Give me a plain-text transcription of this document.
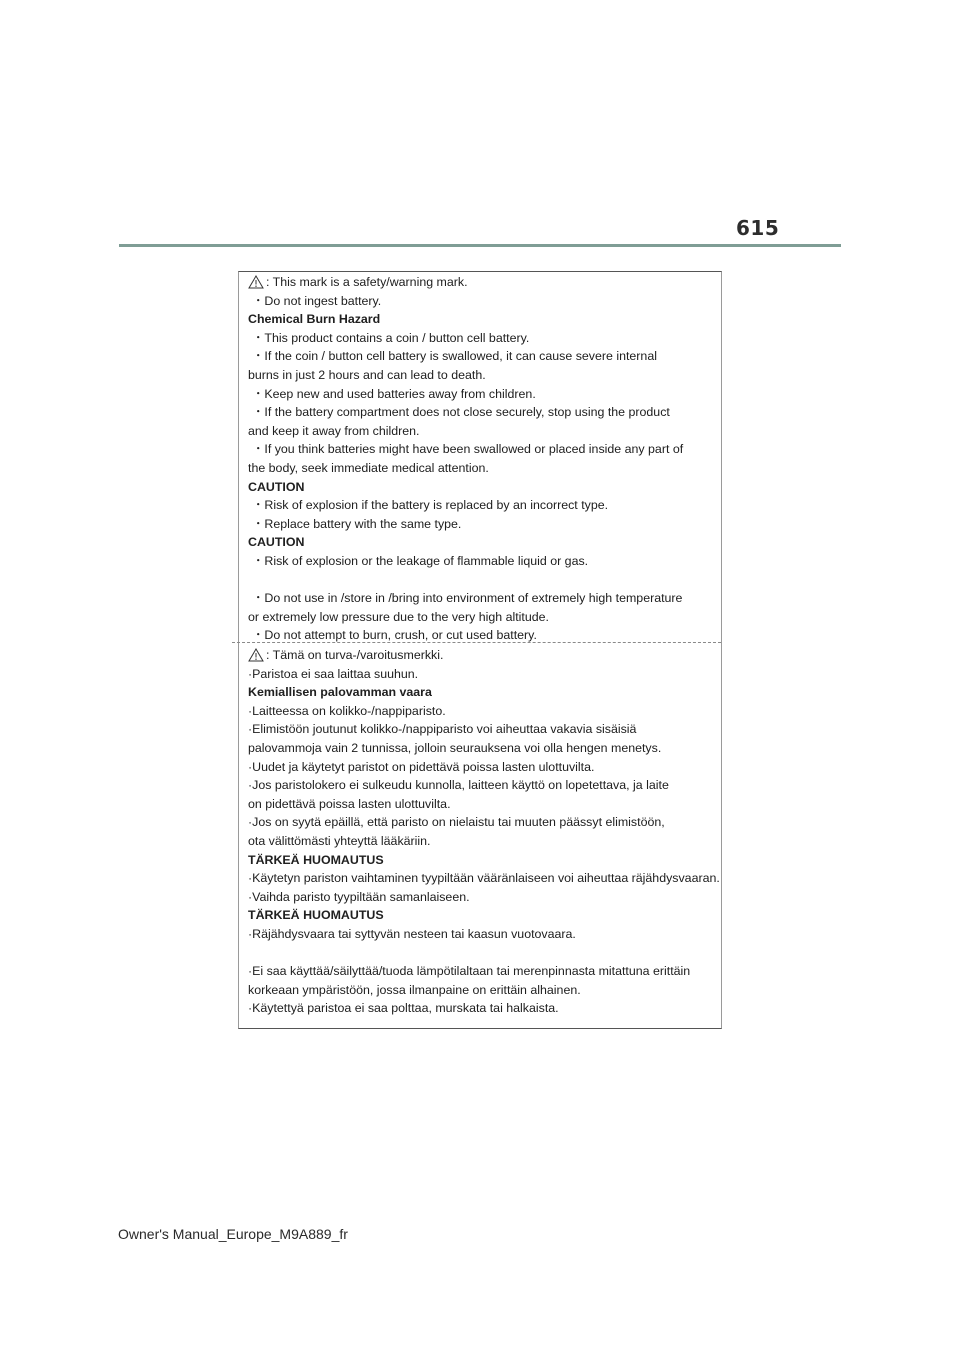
615
: This mark is a safety/warning mark.
・Do not ingest battery.
Chemical Burn Hazard
・This product contains a coin / button cell battery.
・If the coin / button cell battery is swallowed, it can cause severe internal
burns in just 2 hours and can lead to death.
・Keep new and used batteries away from children.
・If the battery compartment does not close securely, stop using the product
and keep it away from children.
・If you think batteries might have been swallowed or placed inside any part of
the body, seek immediate medical attention.
CAUTION
・Risk of explosion if the battery is replaced by an incorrect type.
・Replace battery with the same type.
CAUTION
・Risk of explosion or the leakage of flammable liquid or gas.
・Do not use in /store in /bring into environment of extremely high temperature
or extremely low pressure due to the very high altitude.
・Do not attempt to burn, crush, or cut used battery.
: Tämä on turva-/varoitusmerkki.
·Paristoa ei saa laittaa suuhun.
Kemiallisen palovamman vaara
·Laitteessa on kolikko-/nappiparisto.
·Elimistöön joutunut kolikko-/nappiparisto voi aiheuttaa vakavia sisäisiä
palovammoja vain 2 tunnissa, jolloin seurauksena voi olla hengen menetys.
·Uudet ja käytetyt paristot on pidettävä poissa lasten ulottuvilta.
·Jos paristolokero ei sulkeudu kunnolla, laitteen käyttö on lopetettava, ja laite
on pidettävä poissa lasten ulottuvilta.
·Jos on syytä epäillä, että paristo on nielaistu tai muuten päässyt elimistöön,
ota välittömästi yhteyttä lääkäriin.
TÄRKEÄ HUOMAUTUS
·Käytetyn pariston vaihtaminen tyypiltään vääränlaiseen voi aiheuttaa räjähdysvaaran.
·Vaihda paristo tyypiltään samanlaiseen.
TÄRKEÄ HUOMAUTUS
·Räjähdysvaara tai syttyvän nesteen tai kaasun vuotovaara.
·Ei saa käyttää/säilyttää/tuoda lämpötilaltaan tai merenpinnasta mitattuna erittäin
korkeaan ympäristöön, jossa ilmanpaine on erittäin alhainen.
·Käytettyä paristoa ei saa polttaa, murskata tai halkaista.
Owner's Manual_Europe_M9A889_fr
